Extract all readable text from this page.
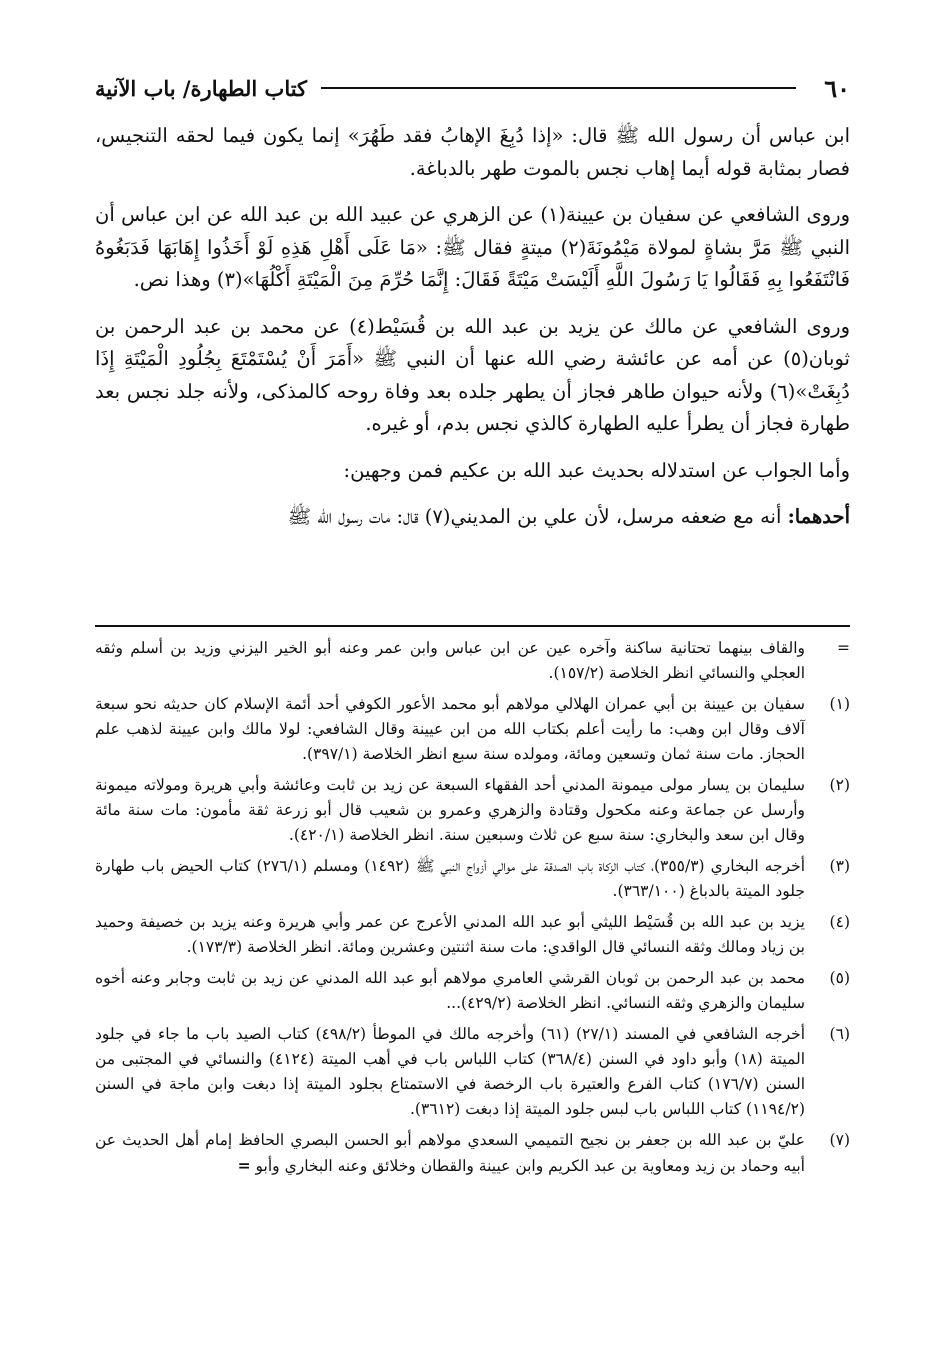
٦٠
كتاب الطهارة/ باب الآنية

ابن عباس أن رسول الله ﷺ قال: «إذا دُبِغَ الإهابُ فقد طَهُرَ» إنما يكون فيما لحقه التنجيس، فصار بمثابة قوله أيما إهاب نجس بالموت طهر بالدباغة.

وروى الشافعي عن سفيان بن عيينة(١) عن الزهري عن عبيد الله بن عبد الله عن ابن عباس أن النبي ﷺ مَرَّ بشاةٍ لمولاة مَيْمُونَةَ(٢) ميتةٍ فقال ﷺ: «مَا عَلَى أَهْلِ هَذِهِ لَوْ أَخَذُوا إِهَابَهَا فَدَبَغُوهُ فَانْتَفَعُوا بِهِ فَقَالُوا يَا رَسُولَ اللَّهِ أَلَيْسَتْ مَيْتَةً فَقَالَ: إِنَّمَا حُرِّمَ مِنَ الْمَيْتَةِ أَكْلُهَا»(٣) وهذا نص.

وروى الشافعي عن مالك عن يزيد بن عبد الله بن قُسَيْط(٤) عن محمد بن عبد الرحمن بن ثوبان(٥) عن أمه عن عائشة رضي الله عنها أن النبي ﷺ «أَمَرَ أَنْ يُسْتَمْتَعَ بِجُلُودِ الْمَيْتَةِ إِذَا دُبِغَتْ»(٦) ولأنه حيوان طاهر فجاز أن يطهر جلده بعد وفاة روحه كالمذكى، ولأنه جلد نجس بعد طهارة فجاز أن يطرأ عليه الطهارة كالذي نجس بدم، أو غيره.

وأما الجواب عن استدلاله بحديث عبد الله بن عكيم فمن وجهين:

أحدهما: أنه مع ضعفه مرسل، لأن علي بن المديني(٧) قال: مات رسول الله ﷺ

=
والقاف بينهما تحتانية ساكنة وآخره عين عن ابن عباس وابن عمر وعنه أبو الخير اليزني وزيد بن أسلم وثقه العجلي والنسائي انظر الخلاصة (١٥٧/٢).
(١)
سفيان بن عيينة بن أبي عمران الهلالي مولاهم أبو محمد الأعور الكوفي أحد أئمة الإسلام كان حديثه نحو سبعة آلاف وقال ابن وهب: ما رأيت أعلم بكتاب الله من ابن عيينة وقال الشافعي: لولا مالك وابن عيينة لذهب علم الحجاز. مات سنة ثمان وتسعين ومائة، ومولده سنة سبع انظر الخلاصة (٣٩٧/١).
(٢)
سليمان بن يسار مولى ميمونة المدني أحد الفقهاء السبعة عن زيد بن ثابت وعائشة وأبي هريرة ومولاته ميمونة وأرسل عن جماعة وعنه مكحول وقتادة والزهري وعمرو بن شعيب قال أبو زرعة ثقة مأمون: مات سنة مائة وقال ابن سعد والبخاري: سنة سبع عن ثلاث وسبعين سنة. انظر الخلاصة (٤٢٠/١).
(٣)
أخرجه البخاري (٣٥٥/٣)، كتاب الزكاة باب الصدقة على موالي أزواج النبي ﷺ (١٤٩٢) ومسلم (٢٧٦/١) كتاب الحيض باب طهارة جلود الميتة بالدباغ (٣٦٣/١٠٠).
(٤)
يزيد بن عبد الله بن قُسَيْط الليثي أبو عبد الله المدني الأعرج عن عمر وأبي هريرة وعنه يزيد بن خصيفة وحميد بن زياد ومالك وثقه النسائي قال الواقدي: مات سنة اثنتين وعشرين ومائة. انظر الخلاصة (١٧٣/٣).
(٥)
محمد بن عبد الرحمن بن ثوبان القرشي العامري مولاهم أبو عبد الله المدني عن زيد بن ثابت وجابر وعنه أخوه سليمان والزهري وثقه النسائي. انظر الخلاصة (٤٢٩/٢)...
(٦)
أخرجه الشافعي في المسند (٢٧/١) (٦١) وأخرجه مالك في الموطأ (٤٩٨/٢) كتاب الصيد باب ما جاء في جلود الميتة (١٨) وأبو داود في السنن (٣٦٨/٤) كتاب اللباس باب في أهب الميتة (٤١٢٤) والنسائي في المجتبى من السنن (١٧٦/٧) كتاب الفرع والعتيرة باب الرخصة في الاستمتاع بجلود الميتة إذا دبغت وابن ماجة في السنن (١١٩٤/٢) كتاب اللباس باب لبس جلود الميتة إذا دبغت (٣٦١٢).
(٧)
عليّ بن عبد الله بن جعفر بن نجيح التميمي السعدي مولاهم أبو الحسن البصري الحافظ إمام أهل الحديث عن أبيه وحماد بن زيد ومعاوية بن عبد الكريم وابن عيينة والقطان وخلائق وعنه البخاري وأبو =
